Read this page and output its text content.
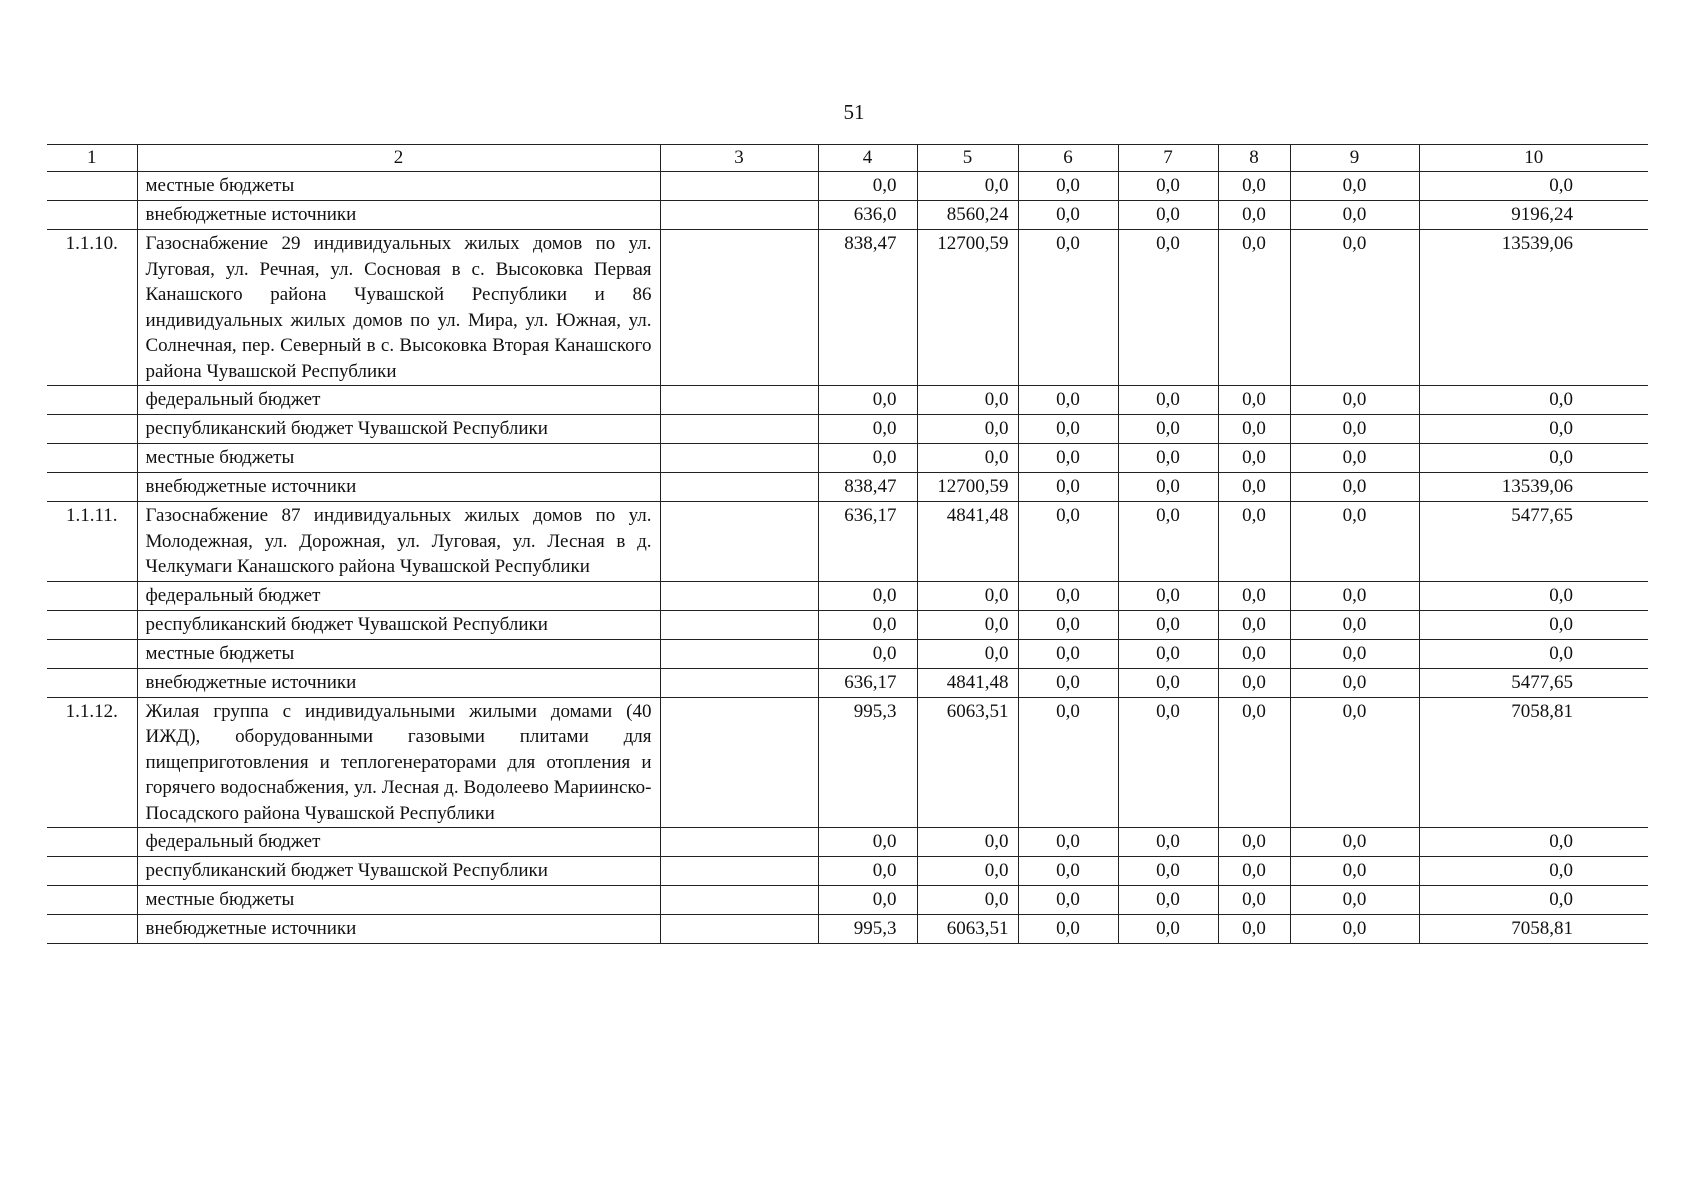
51
1	2	3	4	5	6	7	8	9	10
	местные бюджеты		0,0	0,0	0,0	0,0	0,0	0,0	0,0
	внебюджетные источники		636,0	8560,24	0,0	0,0	0,0	0,0	9196,24
1.1.10.	Газоснабжение 29 индивидуальных жилых домов по ул. Луговая, ул. Речная, ул. Сосновая в с. Высоковка Первая Канашского района Чувашской Республики и 86 индивидуальных жилых домов по ул. Мира, ул. Южная, ул. Солнечная, пер. Северный в с. Высоковка Вторая Канашского района Чувашской Республики		838,47	12700,59	0,0	0,0	0,0	0,0	13539,06
	федеральный бюджет		0,0	0,0	0,0	0,0	0,0	0,0	0,0
	республиканский бюджет Чувашской Республики		0,0	0,0	0,0	0,0	0,0	0,0	0,0
	местные бюджеты		0,0	0,0	0,0	0,0	0,0	0,0	0,0
	внебюджетные источники		838,47	12700,59	0,0	0,0	0,0	0,0	13539,06
1.1.11.	Газоснабжение 87 индивидуальных жилых домов по ул. Молодежная, ул. Дорожная, ул. Луговая, ул. Лесная в д. Челкумаги Канашского района Чувашской Республики		636,17	4841,48	0,0	0,0	0,0	0,0	5477,65
	федеральный бюджет		0,0	0,0	0,0	0,0	0,0	0,0	0,0
	республиканский бюджет Чувашской Республики		0,0	0,0	0,0	0,0	0,0	0,0	0,0
	местные бюджеты		0,0	0,0	0,0	0,0	0,0	0,0	0,0
	внебюджетные источники		636,17	4841,48	0,0	0,0	0,0	0,0	5477,65
1.1.12.	Жилая группа с индивидуальными жилыми домами (40 ИЖД), оборудованными газовыми плитами для пищеприготовления и теплогенераторами для отопления и горячего водоснабжения, ул. Лесная д. Водолеево Мариинско-Посадского района Чувашской Республики		995,3	6063,51	0,0	0,0	0,0	0,0	7058,81
	федеральный бюджет		0,0	0,0	0,0	0,0	0,0	0,0	0,0
	республиканский бюджет Чувашской Республики		0,0	0,0	0,0	0,0	0,0	0,0	0,0
	местные бюджеты		0,0	0,0	0,0	0,0	0,0	0,0	0,0
	внебюджетные источники		995,3	6063,51	0,0	0,0	0,0	0,0	7058,81
